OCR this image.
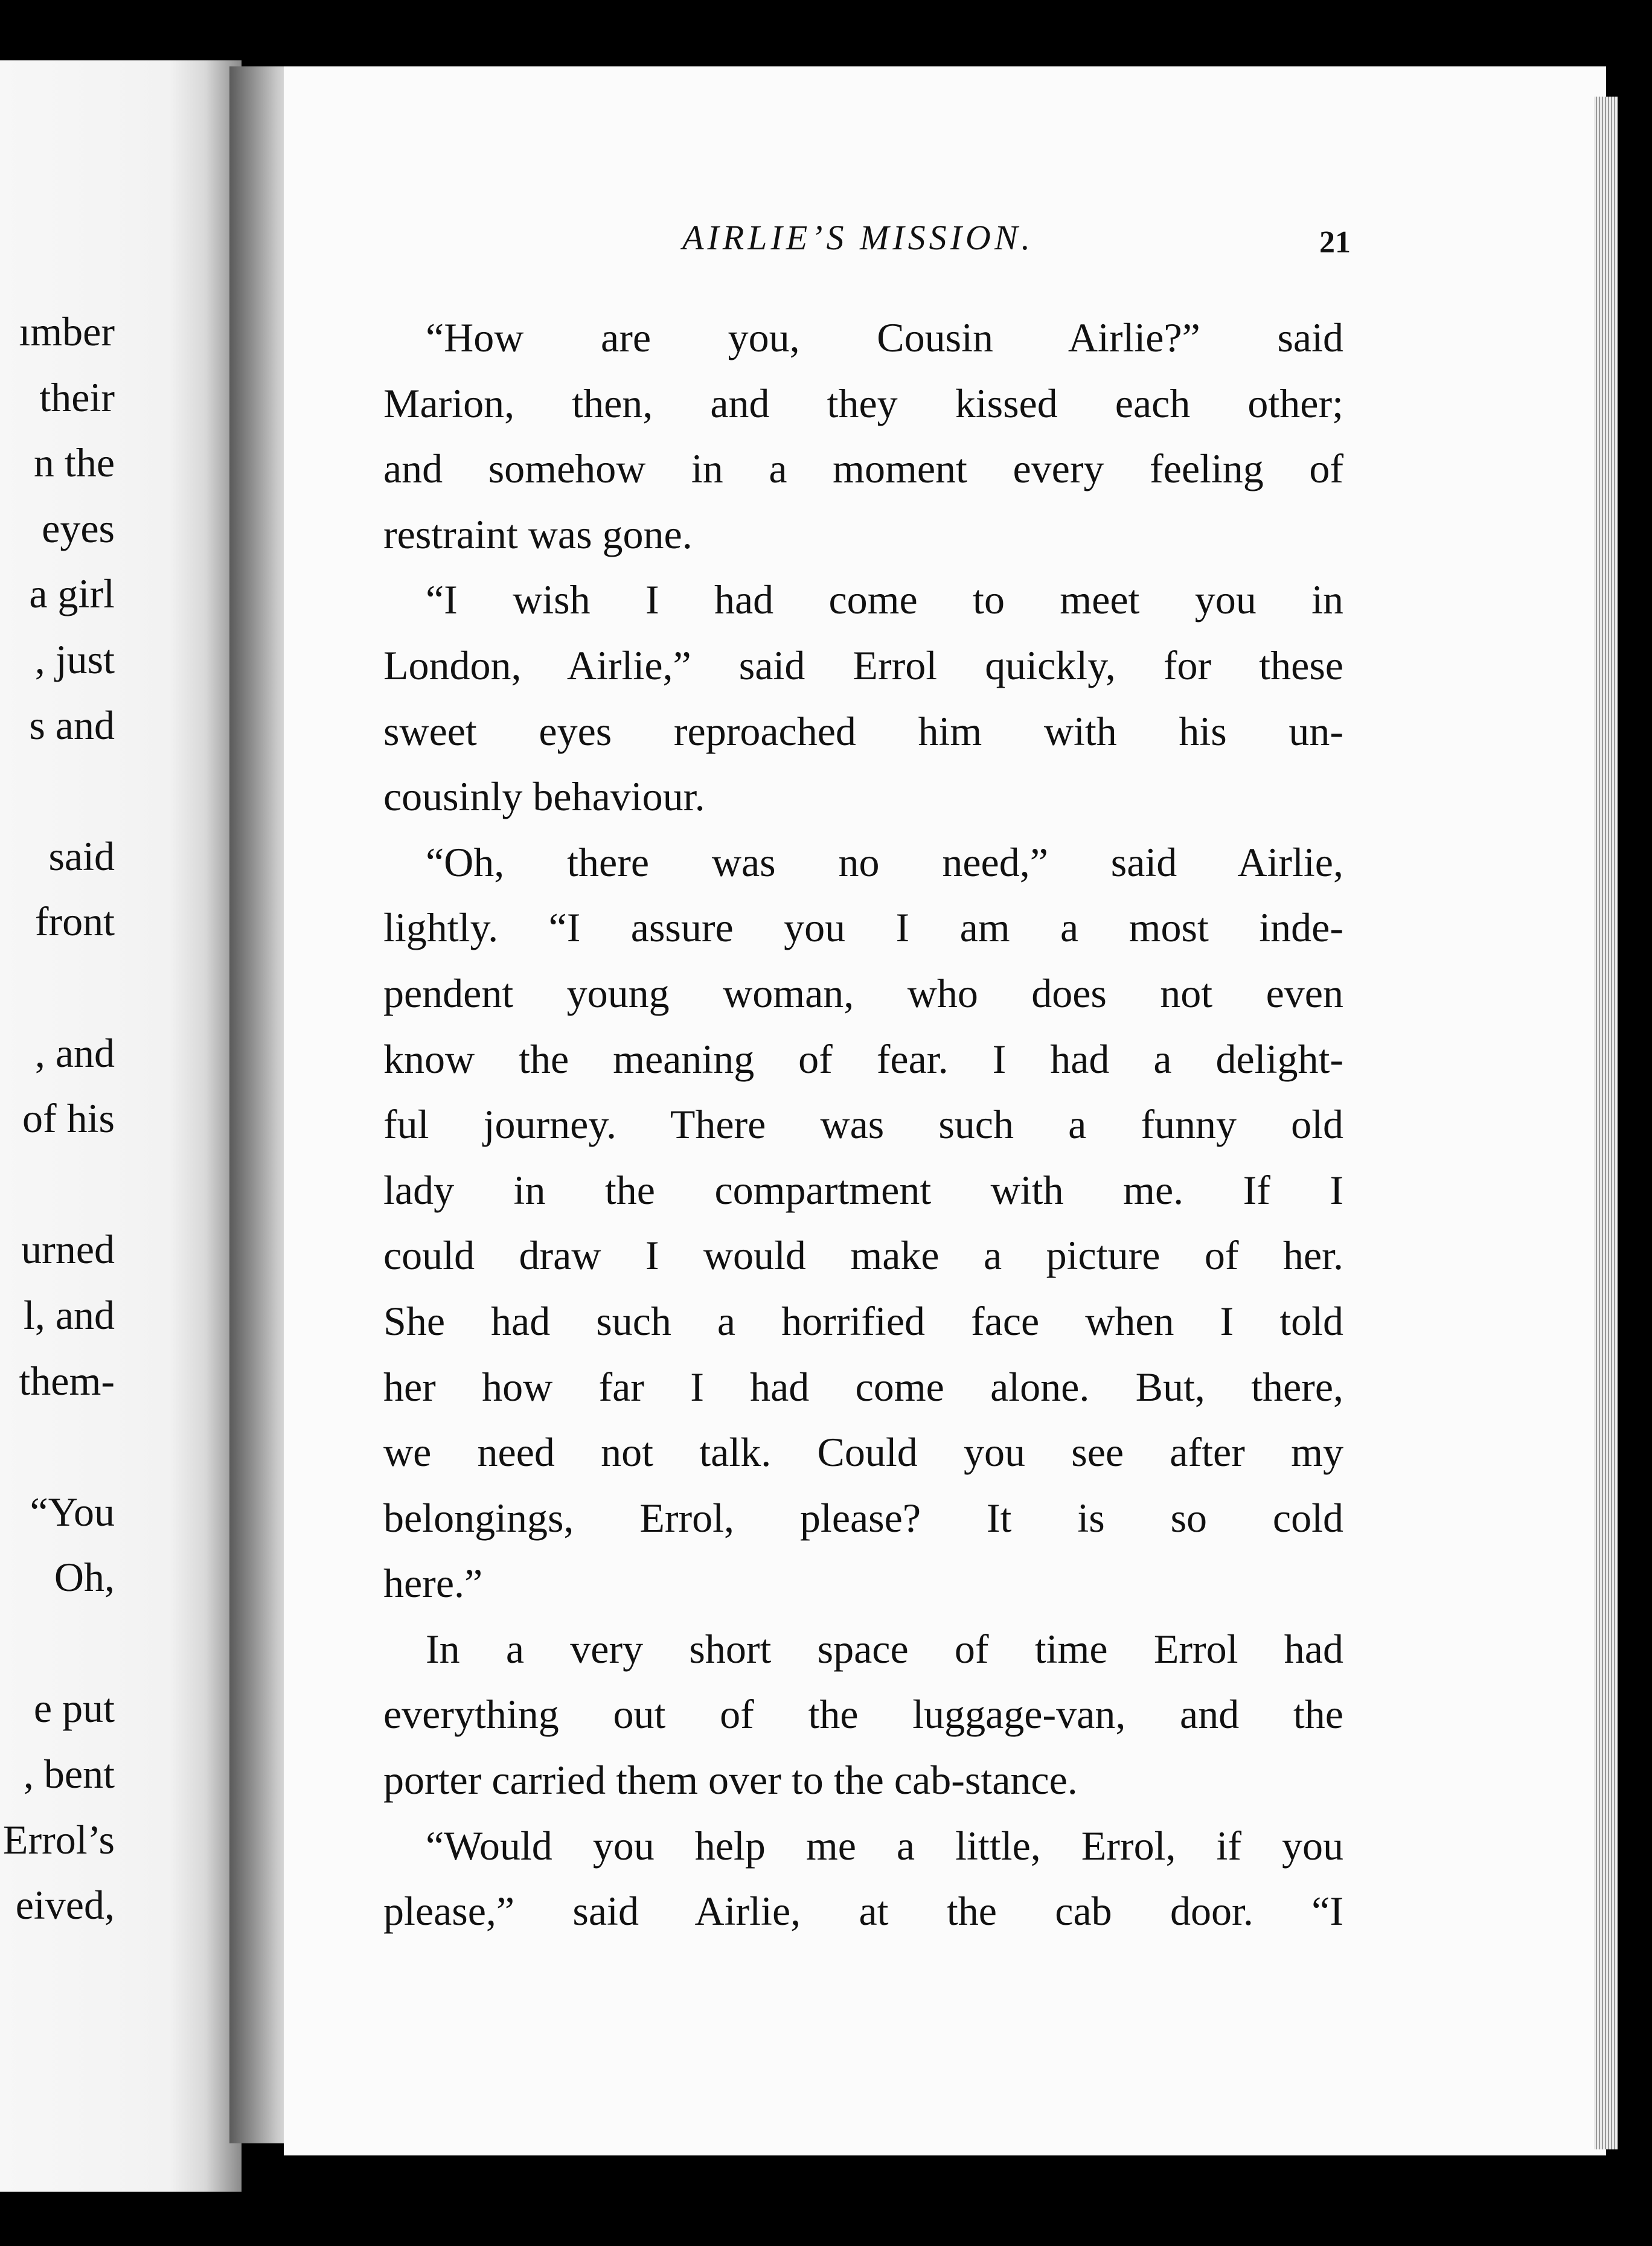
ımber
their
n the
eyes
a girl
, just
s and
said
front
, and
of his
urned
l, and
them-
“You
Oh,
e put
, bent
Errol’s
eived,
AIRLIE’S MISSION.	21
“How are you, Cousin Airlie?” said
Marion, then, and they kissed each other;
and somehow in a moment every feeling of
restraint was gone.
“I wish I had come to meet you in
London, Airlie,” said Errol quickly, for these
sweet eyes reproached him with his un-
cousinly behaviour.
“Oh, there was no need,” said Airlie,
lightly. “I assure you I am a most inde-
pendent young woman, who does not even
know the meaning of fear. I had a delight-
ful journey. There was such a funny old
lady in the compartment with me. If I
could draw I would make a picture of her.
She had such a horrified face when I told
her how far I had come alone. But, there,
we need not talk. Could you see after my
belongings, Errol, please? It is so cold
here.”
In a very short space of time Errol had
everything out of the luggage-van, and the
porter carried them over to the cab-stance.
“Would you help me a little, Errol, if you
please,” said Airlie, at the cab door. “I
